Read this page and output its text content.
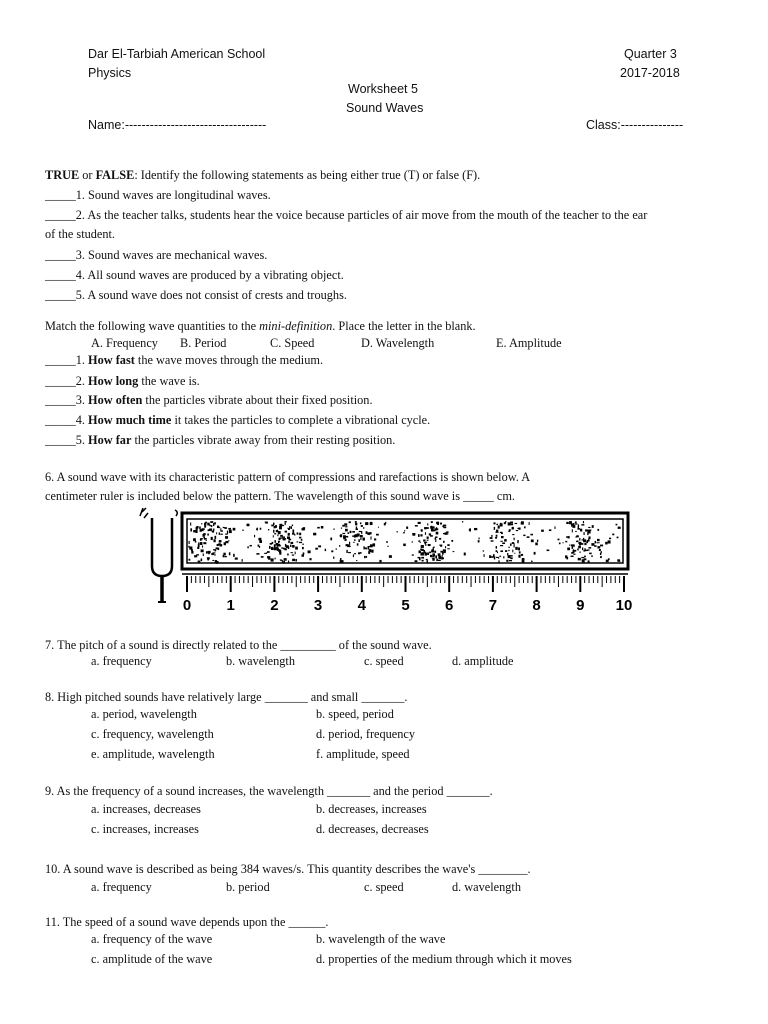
Dar El-Tarbiah American School
Physics
Quarter 3
2017-2018
Worksheet 5
Sound Waves
Name:----------------------------------	Class:---------------
TRUE or FALSE: Identify the following statements as being either true (T) or false (F).
_____1. Sound waves are longitudinal waves.
_____2. As the teacher talks, students hear the voice because particles of air move from the mouth of the teacher to the ear
of the student.
_____3. Sound waves are mechanical waves.
_____4. All sound waves are produced by a vibrating object.
_____5. A sound wave does not consist of crests and troughs.
Match the following wave quantities to the mini-definition. Place the letter in the blank.
A. Frequency B. Period	C. Speed	D. Wavelength	E. Amplitude
_____1. How fast the wave moves through the medium.
_____2. How long the wave is.
_____3. How often the particles vibrate about their fixed position.
_____4. How much time it takes the particles to complete a vibrational cycle.
_____5. How far the particles vibrate away from their resting position.
6. A sound wave with its characteristic pattern of compressions and rarefactions is shown below. A
centimeter ruler is included below the pattern. The wavelength of this sound wave is _____ cm.
0 1 2 3 4 5 6 7 8 9 10
7. The pitch of a sound is directly related to the _________ of the sound wave.
a. frequency	b. wavelength	c. speed	d. amplitude
8. High pitched sounds have relatively large _______ and small _______.
a. period, wavelength	b. speed, period
c. frequency, wavelength	d. period, frequency
e. amplitude, wavelength	f. amplitude, speed
9. As the frequency of a sound increases, the wavelength _______ and the period _______.
a. increases, decreases	b. decreases, increases
c. increases, increases	d. decreases, decreases
10. A sound wave is described as being 384 waves/s. This quantity describes the wave's ________.
a. frequency	b. period	c. speed	d. wavelength
11. The speed of a sound wave depends upon the ______.
a. frequency of the wave	b. wavelength of the wave
c. amplitude of the wave	d. properties of the medium through which it moves
